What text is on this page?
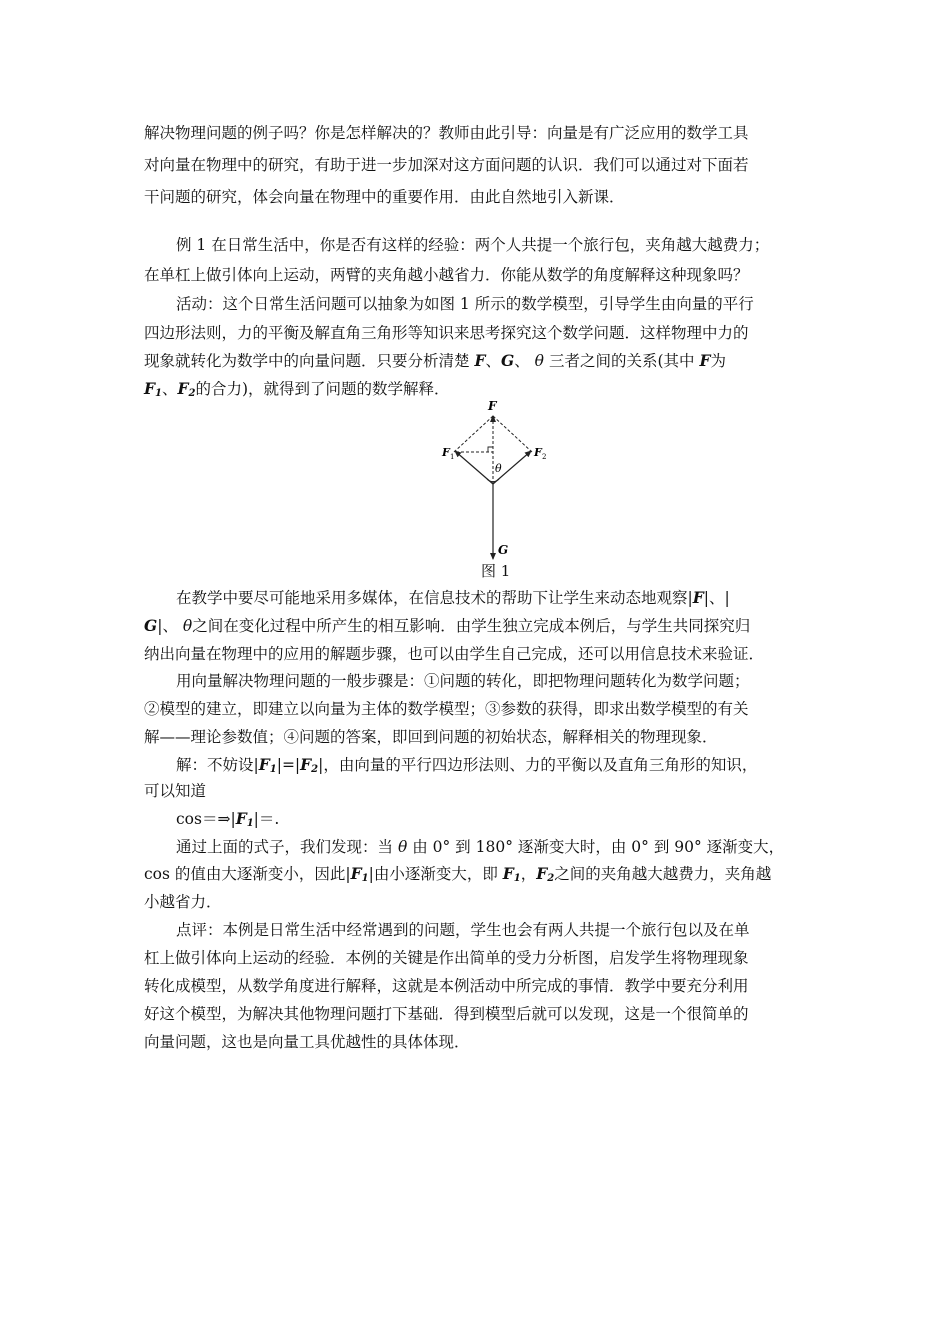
解决物理问题的例子吗？你是怎样解决的？教师由此引导：向量是有广泛应用的数学工具
对向量在物理中的研究，有助于进一步加深对这方面问题的认识．我们可以通过对下面若
干问题的研究，体会向量在物理中的重要作用．由此自然地引入新课．
例 1 在日常生活中，你是否有这样的经验：两个人共提一个旅行包，夹角越大越费力；
在单杠上做引体向上运动，两臂的夹角越小越省力．你能从数学的角度解释这种现象吗？
活动：这个日常生活问题可以抽象为如图 1 所示的数学模型，引导学生由向量的平行
四边形法则，力的平衡及解直角三角形等知识来思考探究这个数学问题．这样物理中力的
现象就转化为数学中的向量问题．只要分析清楚 F、G、 θ 三者之间的关系(其中 F为
$F_1$、$F_2$的合力)，就得到了问题的数学解释．
F
F 1	F 2
θ
G
图 1
在教学中要尽可能地采用多媒体，在信息技术的帮助下让学生来动态地观察|F|、|
G|、 θ之间在变化过程中所产生的相互影响．由学生独立完成本例后，与学生共同探究归
纳出向量在物理中的应用的解题步骤，也可以由学生自己完成，还可以用信息技术来验证．
用向量解决物理问题的一般步骤是：①问题的转化，即把物理问题转化为数学问题；
②模型的建立，即建立以向量为主体的数学模型；③参数的获得，即求出数学模型的有关
解——理论参数值；④问题的答案，即回到问题的初始状态，解释相关的物理现象．
解：不妨设$|F_1|=|F_2|$，由向量的平行四边形法则、力的平衡以及直角三角形的知识，
可以知道
$\cos=\Rightarrow|F_1|=$.
通过上面的式子，我们发现：当 θ 由 0° 到 180° 逐渐变大时，由 0° 到 90° 逐渐变大，
cos 的值由大逐渐变小，因此$|F_1|$由小逐渐变大，即 $F_1$，$F_2$之间的夹角越大越费力，夹角越
小越省力．
点评：本例是日常生活中经常遇到的问题，学生也会有两人共提一个旅行包以及在单
杠上做引体向上运动的经验．本例的关键是作出简单的受力分析图，启发学生将物理现象
转化成模型，从数学角度进行解释，这就是本例活动中所完成的事情．教学中要充分利用
好这个模型，为解决其他物理问题打下基础．得到模型后就可以发现，这是一个很简单的
向量问题，这也是向量工具优越性的具体体现．
